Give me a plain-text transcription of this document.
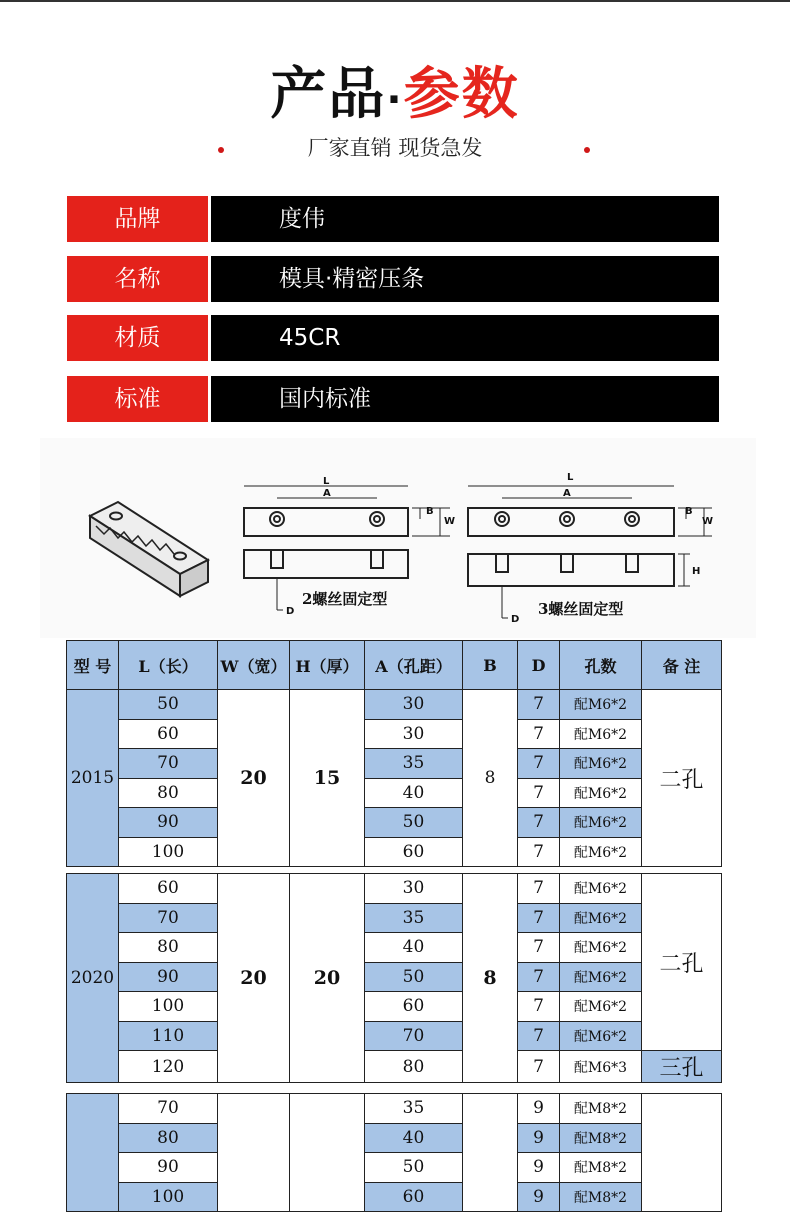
产品·参数
厂家直销 现货急发
品牌	度伟
名称	模具·精密压条
材质	45CR
标准	国内标准
L
A
B
W
D
L
A
B
W
H
D
2螺丝固定型
3螺丝固定型
型 号	L（长）	W（宽）	H（厚）	A（孔距）	B	D	孔数	备 注
2015	50	20	15	30	8	7	配M6*2	二孔
	60			30		7	配M6*2	
	70			35		7	配M6*2	
	80			40		7	配M6*2	
	90			50		7	配M6*2	
	100			60		7	配M6*2	

2020	60	20	20	30	8	7	配M6*2	二孔
	70			35		7	配M6*2	
	80			40		7	配M6*2	
	90			50		7	配M6*2	
	100			60		7	配M6*2	
	110			70		7	配M6*2	
	120			80		7	配M6*3	三孔

	70			35		9	配M8*2	
	80			40		9	配M8*2	
	90			50		9	配M8*2	
	100			60		9	配M8*2	
